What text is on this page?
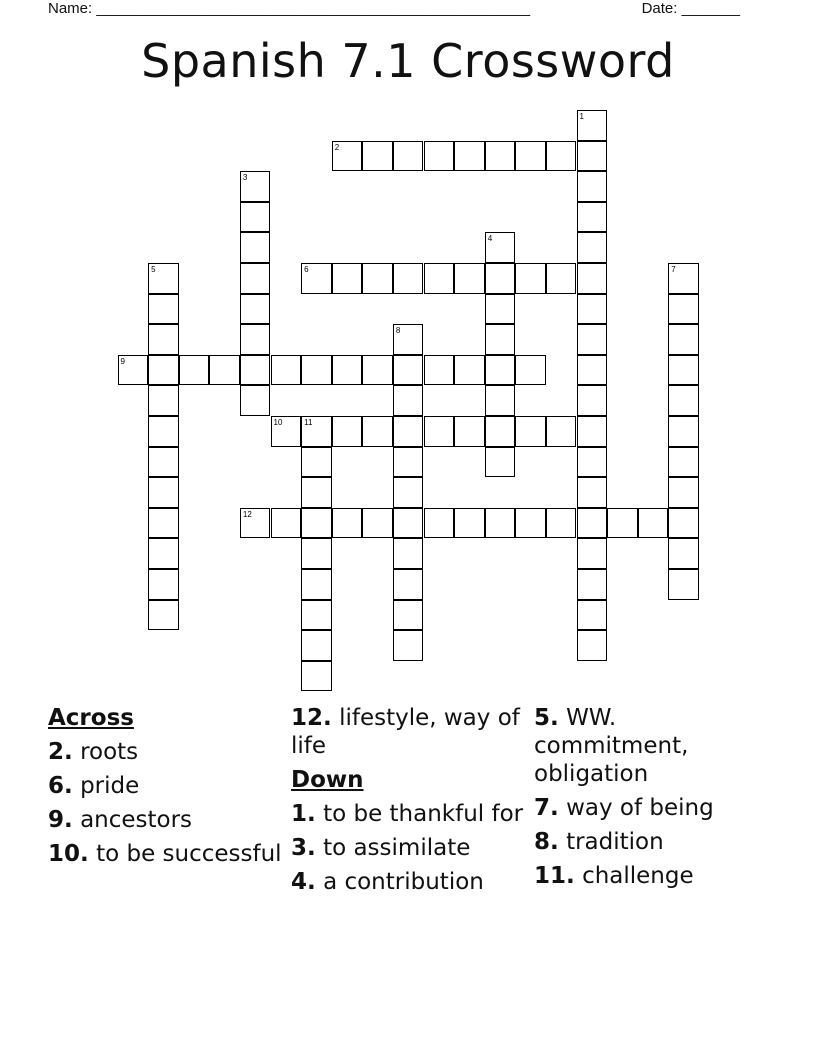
Name: ____________________________________________________	Date: _______
Spanish 7.1 Crossword
1
2
3
4
5	6	7
8
9
10	11
12

Across

2. roots

6. pride

9. ancestors

10. to be successful

12. lifestyle, way of life

Down

1. to be thankful for

3. to assimilate

4. a contribution

5. WW. commitment, obligation

7. way of being

8. tradition

11. challenge
